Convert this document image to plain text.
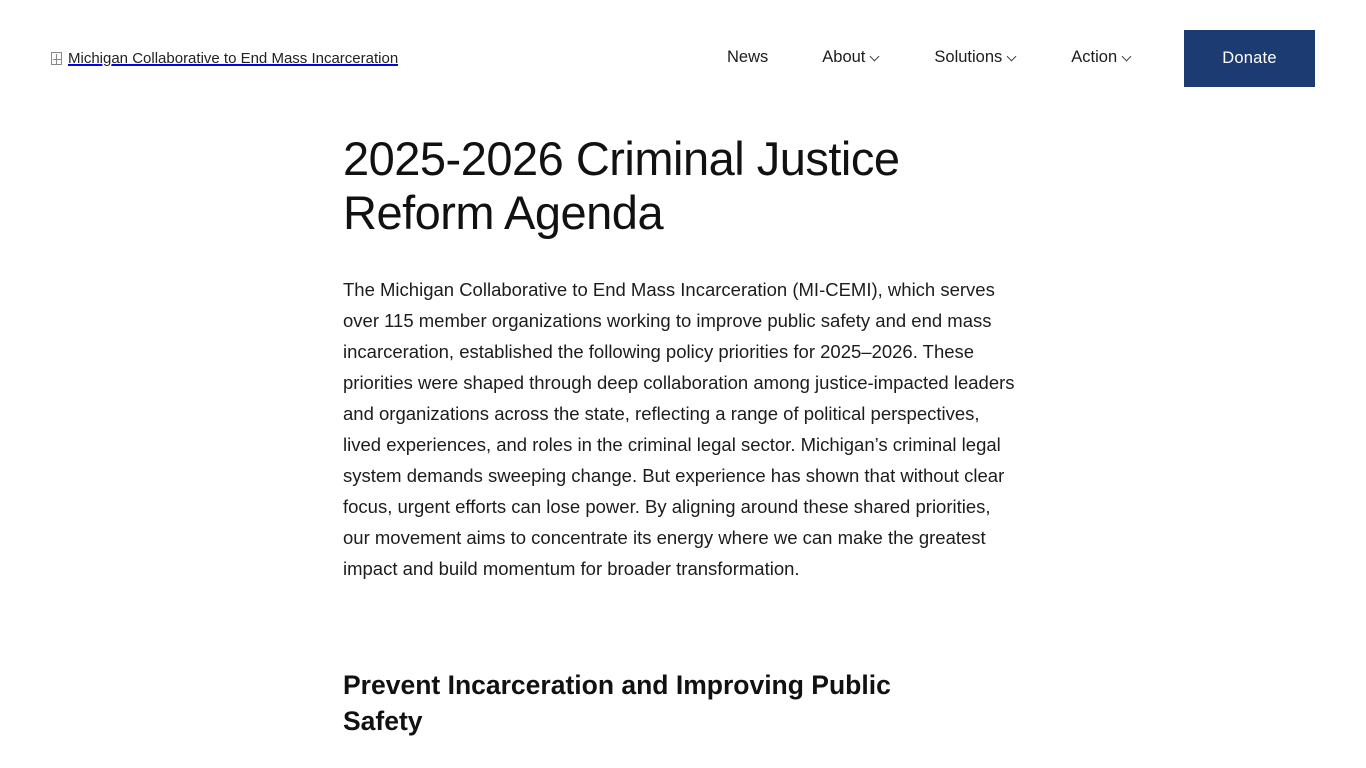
Michigan Collaborative to End Mass Incarceration	News	About	Solutions	Action	Donate
2025-2026 Criminal Justice Reform Agenda

The Michigan Collaborative to End Mass Incarceration (MI-CEMI), which serves over 115 member organizations working to improve public safety and end mass incarceration, established the following policy priorities for 2025–2026. These priorities were shaped through deep collaboration among justice-impacted leaders and organizations across the state, reflecting a range of political perspectives, lived experiences, and roles in the criminal legal sector. Michigan’s criminal legal system demands sweeping change. But experience has shown that without clear focus, urgent efforts can lose power. By aligning around these shared priorities, our movement aims to concentrate its energy where we can make the greatest impact and build momentum for broader transformation.

Prevent Incarceration and Improving Public Safety
